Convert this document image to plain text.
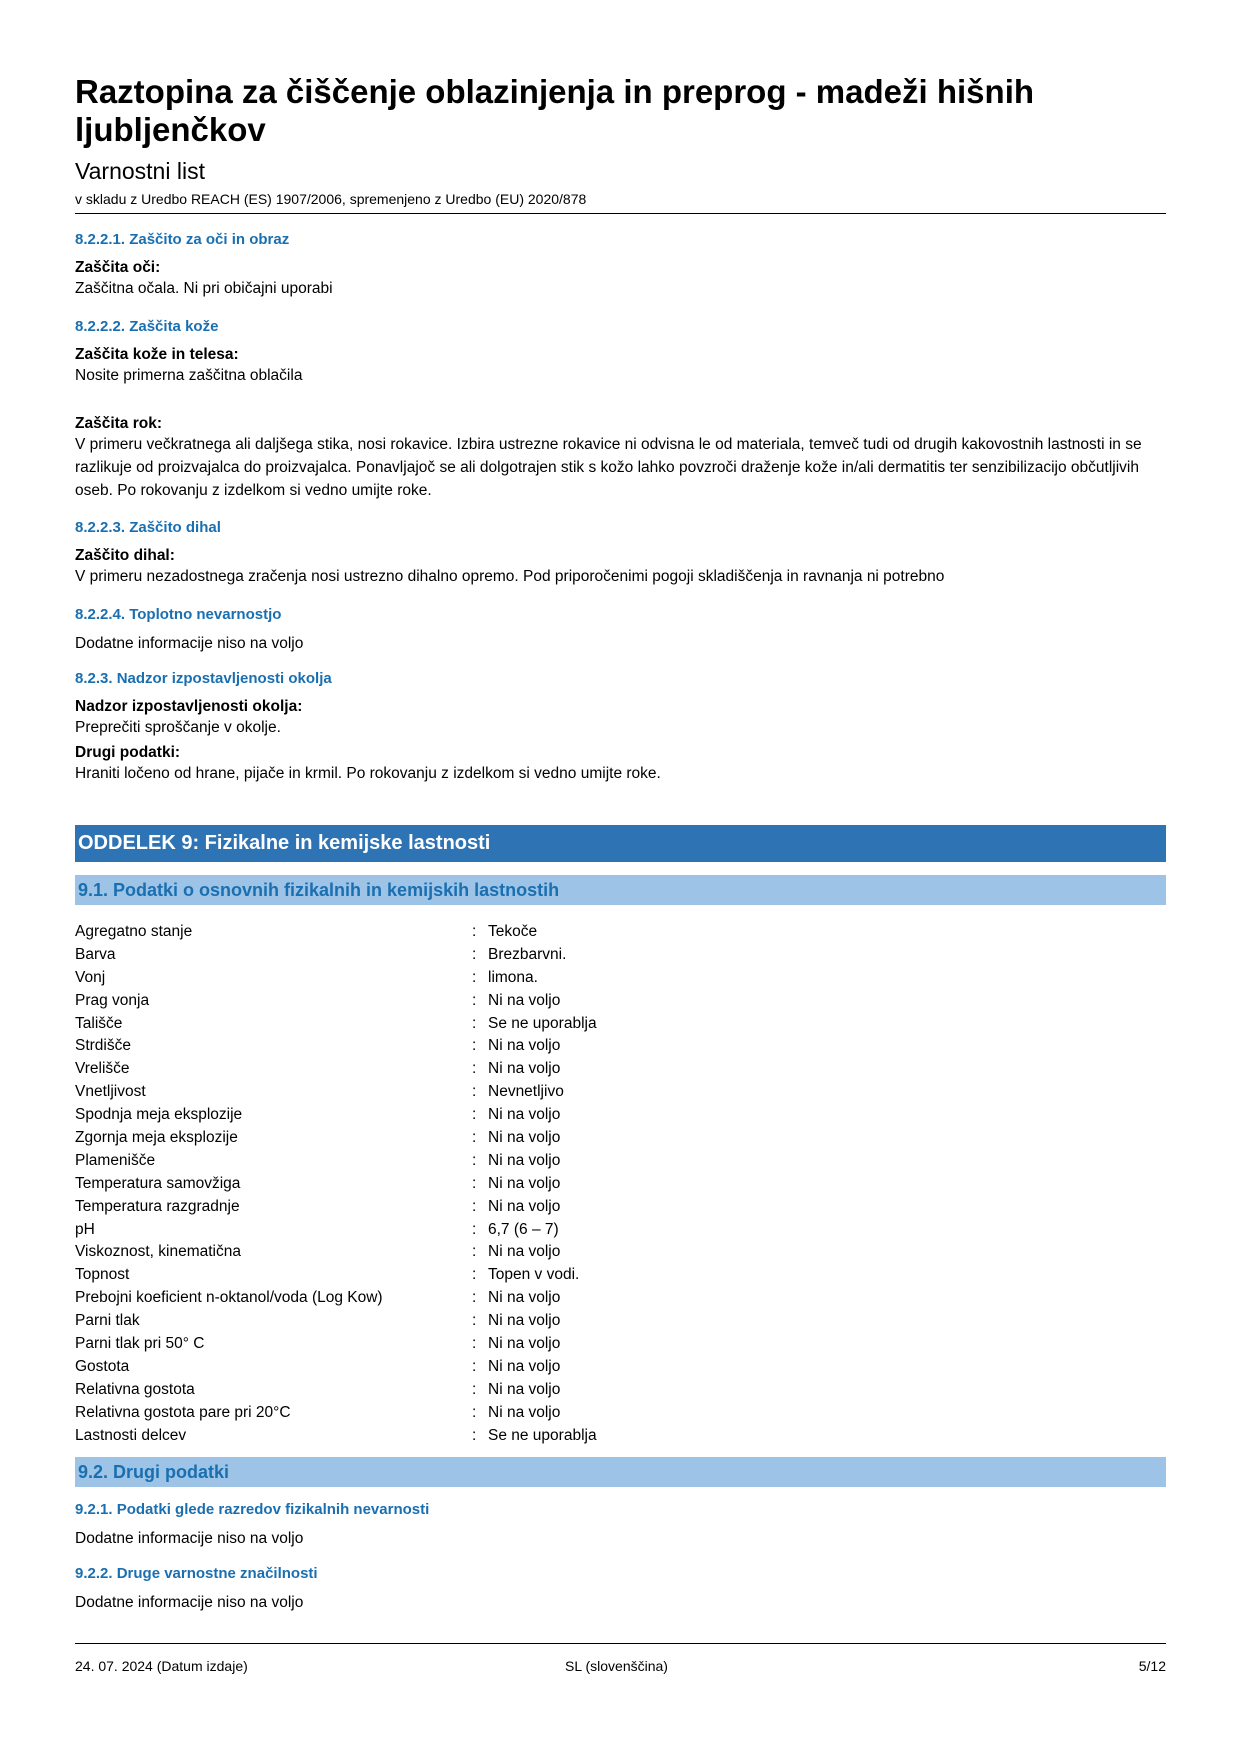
Raztopina za čiščenje oblazinjenja in preprog - madeži hišnih ljubljenčkov
Varnostni list
v skladu z Uredbo REACH (ES) 1907/2006, spremenjeno z Uredbo (EU) 2020/878
8.2.2.1. Zaščito za oči in obraz
Zaščita oči:
Zaščitna očala. Ni pri običajni uporabi
8.2.2.2. Zaščita kože
Zaščita kože in telesa:
Nosite primerna zaščitna oblačila
Zaščita rok:
V primeru večkratnega ali daljšega stika, nosi rokavice. Izbira ustrezne rokavice ni odvisna le od materiala, temveč tudi od drugih kakovostnih lastnosti in se razlikuje od proizvajalca do proizvajalca. Ponavljajoč se ali dolgotrajen stik s kožo lahko povzroči draženje kože in/ali dermatitis ter senzibilizacijo občutljivih oseb. Po rokovanju z izdelkom si vedno umijte roke.
8.2.2.3. Zaščito dihal
Zaščito dihal:
V primeru nezadostnega zračenja nosi ustrezno dihalno opremo. Pod priporočenimi pogoji skladiščenja in ravnanja ni potrebno
8.2.2.4. Toplotno nevarnostjo
Dodatne informacije niso na voljo
8.2.3. Nadzor izpostavljenosti okolja
Nadzor izpostavljenosti okolja:
Preprečiti sproščanje v okolje.
Drugi podatki:
Hraniti ločeno od hrane, pijače in krmil. Po rokovanju z izdelkom si vedno umijte roke.
ODDELEK 9: Fizikalne in kemijske lastnosti
9.1. Podatki o osnovnih fizikalnih in kemijskih lastnostih
Agregatno stanje	: Tekoče
Barva	: Brezbarvni.
Vonj	: limona.
Prag vonja	: Ni na voljo
Tališče	: Se ne uporablja
Strdišče	: Ni na voljo
Vrelišče	: Ni na voljo
Vnetljivost	: Nevnetljivo
Spodnja meja eksplozije	: Ni na voljo
Zgornja meja eksplozije	: Ni na voljo
Plamenišče	: Ni na voljo
Temperatura samovžiga	: Ni na voljo
Temperatura razgradnje	: Ni na voljo
pH	: 6,7 (6 – 7)
Viskoznost, kinematična	: Ni na voljo
Topnost	: Topen v vodi.
Prebojni koeficient n-oktanol/voda (Log Kow)	: Ni na voljo
Parni tlak	: Ni na voljo
Parni tlak pri 50° C	: Ni na voljo
Gostota	: Ni na voljo
Relativna gostota	: Ni na voljo
Relativna gostota pare pri 20°C	: Ni na voljo
Lastnosti delcev	: Se ne uporablja
9.2. Drugi podatki
9.2.1. Podatki glede razredov fizikalnih nevarnosti
Dodatne informacije niso na voljo
9.2.2. Druge varnostne značilnosti
Dodatne informacije niso na voljo
24. 07. 2024 (Datum izdaje)	SL (slovenščina)	5/12
